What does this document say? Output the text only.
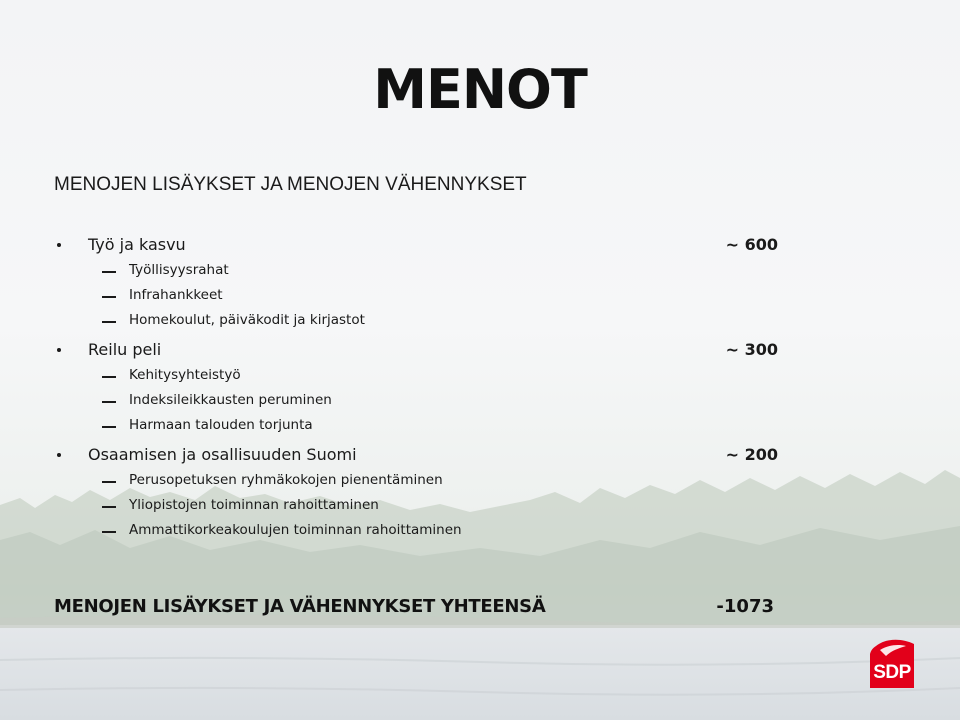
MENOT
MENOJEN LISÄYKSET JA MENOJEN VÄHENNYKSET
Työ ja kasvu	~ 600
Työllisyysrahat
Infrahankkeet
Homekoulut, päiväkodit ja kirjastot
Reilu peli	~ 300
Kehitysyhteistyö
Indeksileikkausten peruminen
Harmaan talouden torjunta
Osaamisen ja osallisuuden Suomi	~ 200
Perusopetuksen ryhmäkokojen pienentäminen
Yliopistojen toiminnan rahoittaminen
Ammattikorkeakoulujen toiminnan rahoittaminen
MENOJEN LISÄYKSET JA VÄHENNYKSET YHTEENSÄ	-1073
SDP
